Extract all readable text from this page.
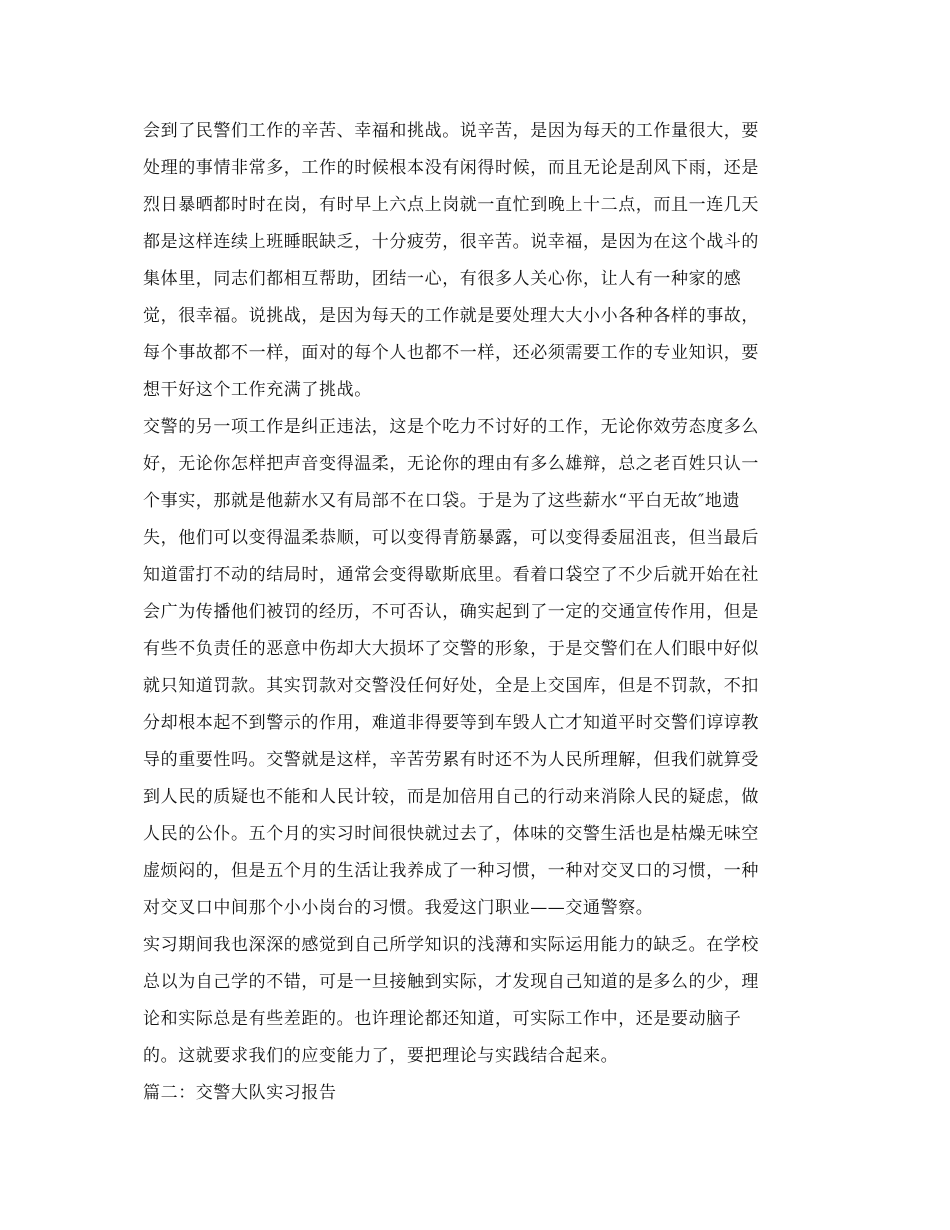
会到了民警们工作的辛苦、幸福和挑战。说辛苦，是因为每天的工作量很大，要
处理的事情非常多，工作的时候根本没有闲得时候，而且无论是刮风下雨，还是
烈日暴晒都时时在岗，有时早上六点上岗就一直忙到晚上十二点，而且一连几天
都是这样连续上班睡眠缺乏，十分疲劳，很辛苦。说幸福，是因为在这个战斗的
集体里，同志们都相互帮助，团结一心，有很多人关心你，让人有一种家的感
觉，很幸福。说挑战，是因为每天的工作就是要处理大大小小各种各样的事故，
每个事故都不一样，面对的每个人也都不一样，还必须需要工作的专业知识，要
想干好这个工作充满了挑战。
交警的另一项工作是纠正违法，这是个吃力不讨好的工作，无论你效劳态度多么
好，无论你怎样把声音变得温柔，无论你的理由有多么雄辩，总之老百姓只认一
个事实，那就是他薪水又有局部不在口袋。于是为了这些薪水“平白无故″地遗
失，他们可以变得温柔恭顺，可以变得青筋暴露，可以变得委屈沮丧，但当最后
知道雷打不动的结局时，通常会变得歇斯底里。看着口袋空了不少后就开始在社
会广为传播他们被罚的经历，不可否认，确实起到了一定的交通宣传作用，但是
有些不负责任的恶意中伤却大大损坏了交警的形象，于是交警们在人们眼中好似
就只知道罚款。其实罚款对交警没任何好处，全是上交国库，但是不罚款，不扣
分却根本起不到警示的作用，难道非得要等到车毁人亡才知道平时交警们谆谆教
导的重要性吗。交警就是这样，辛苦劳累有时还不为人民所理解，但我们就算受
到人民的质疑也不能和人民计较，而是加倍用自己的行动来消除人民的疑虑，做
人民的公仆。五个月的实习时间很快就过去了，体味的交警生活也是枯燥无味空
虚烦闷的，但是五个月的生活让我养成了一种习惯，一种对交叉口的习惯，一种
对交叉口中间那个小小岗台的习惯。我爱这门职业——交通警察。
实习期间我也深深的感觉到自己所学知识的浅薄和实际运用能力的缺乏。在学校
总以为自己学的不错，可是一旦接触到实际，才发现自己知道的是多么的少，理
论和实际总是有些差距的。也许理论都还知道，可实际工作中，还是要动脑子
的。这就要求我们的应变能力了，要把理论与实践结合起来。
篇二：交警大队实习报告
